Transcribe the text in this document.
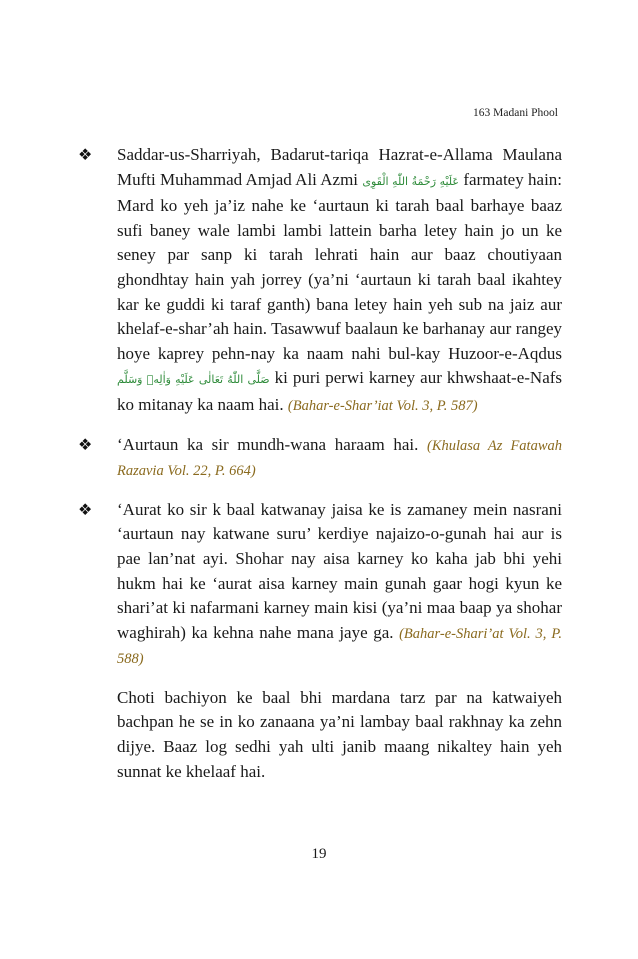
163 Madani Phool
❖ Saddar-us-Sharriyah, Badarut-tariqa Hazrat-e-Allama Maulana Mufti Muhammad Amjad Ali Azmi عَلَيْهِ رَحْمَةُ اللّٰهِ الْقَوِى farmatey hain: Mard ko yeh ja’iz nahe ke ‘aurtaun ki tarah baal barhaye baaz sufi baney wale lambi lambi lattein barha letey hain jo un ke seney par sanp ki tarah lehrati hain aur baaz choutiyaan ghondhtay hain yah jorrey (ya’ni ‘aurtaun ki tarah baal ikahtey kar ke guddi ki taraf ganth) bana letey hain yeh sub na jaiz aur khelaf-e-shar’ah hain. Tasawwuf baalaun ke barhanay aur rangey hoye kaprey pehn-nay ka naam nahi bul-kay Huzoor-e-Aqdus صَلَّى اللّٰهُ تَعَالٰى عَلَيْهِ وَاٰلِهٖ وَسَلَّم ki puri perwi karney aur khwshaat-e-Nafs ko mitanay ka naam hai. (Bahar-e-Shar’iat Vol. 3, P. 587)
❖ ‘Aurtaun ka sir mundh-wana haraam hai. (Khulasa Az Fatawah Razavia Vol. 22, P. 664)
❖ ‘Aurat ko sir k baal katwanay jaisa ke is zamaney mein nasrani ‘aurtaun nay katwane suru’ kerdiye najaizo-o-gunah hai aur is pae lan’nat ayi. Shohar nay aisa karney ko kaha jab bhi yehi hukm hai ke ‘aurat aisa karney main gunah gaar hogi kyun ke shari’at ki nafarmani karney main kisi (ya’ni maa baap ya shohar waghirah) ka kehna nahe mana jaye ga. (Bahar-e-Shari’at Vol. 3, P. 588)
Choti bachiyon ke baal bhi mardana tarz par na katwaiyeh bachpan he se in ko zanaana ya’ni lambay baal rakhnay ka zehn dijye. Baaz log sedhi yah ulti janib maang nikaltey hain yeh sunnat ke khelaaf hai.
19
